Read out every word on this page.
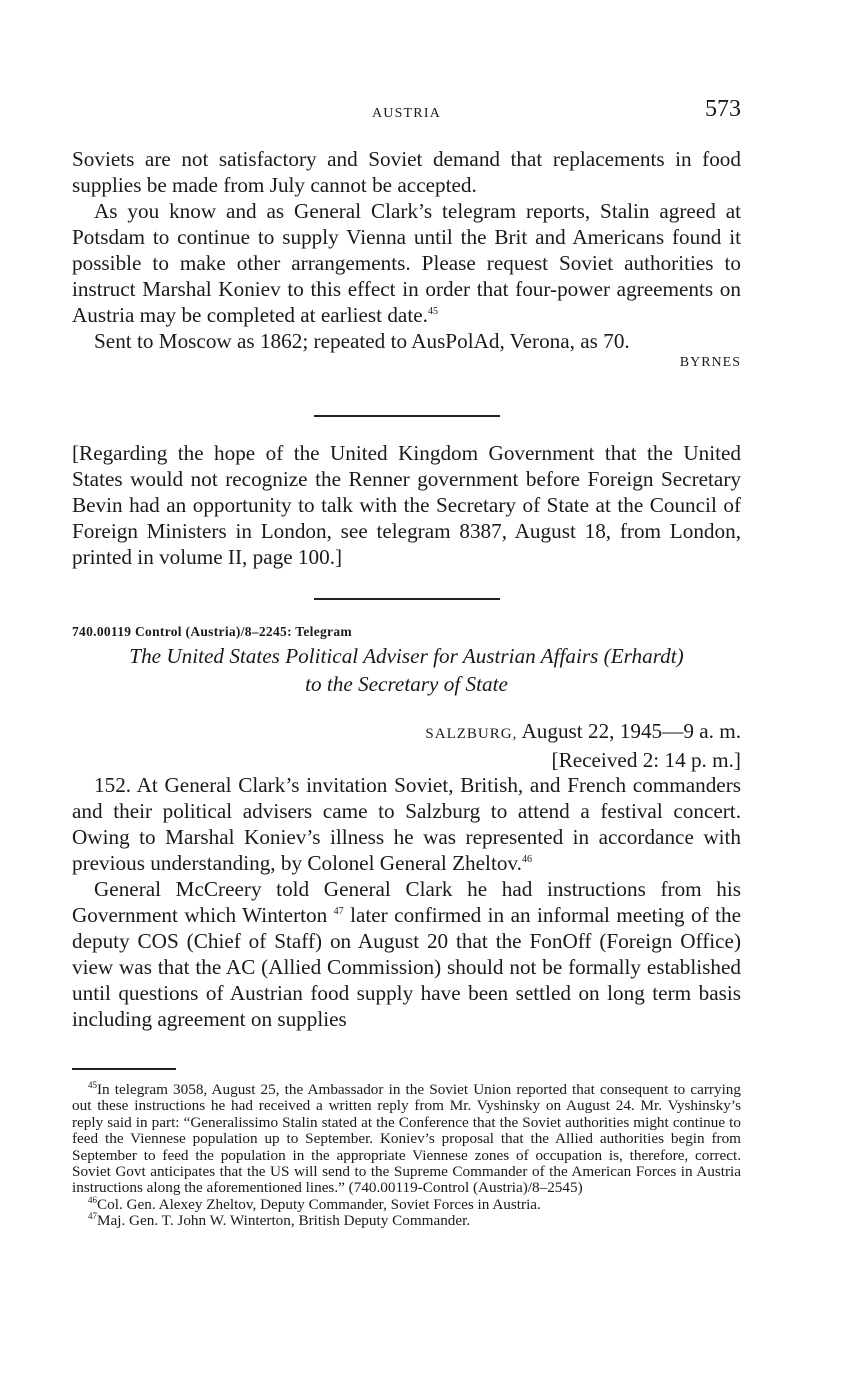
AUSTRIA	573

Soviets are not satisfactory and Soviet demand that replacements in food supplies be made from July cannot be accepted.

As you know and as General Clark’s telegram reports, Stalin agreed at Potsdam to continue to supply Vienna until the Brit and Americans found it possible to make other arrangements. Please request Soviet authorities to instruct Marshal Koniev to this effect in order that four-power agreements on Austria may be completed at earliest date.$^{45}$

Sent to Moscow as 1862; repeated to AusPolAd, Verona, as 70.

BYRNES

[Regarding the hope of the United Kingdom Government that the United States would not recognize the Renner government before Foreign Secretary Bevin had an opportunity to talk with the Secretary of State at the Council of Foreign Ministers in London, see telegram 8387, August 18, from London, printed in volume II, page 100.]

740.00119 Control (Austria)/8–2245: Telegram
The United States Political Adviser for Austrian Affairs (Erhardt)
to the Secretary of State
SALZBURG, August 22, 1945—9 a. m.
[Received 2: 14 p. m.]

152. At General Clark’s invitation Soviet, British, and French commanders and their political advisers came to Salzburg to attend a festival concert. Owing to Marshal Koniev’s illness he was represented in accordance with previous understanding, by Colonel General Zheltov.$^{46}$

General McCreery told General Clark he had instructions from his Government which Winterton $^{47}$ later confirmed in an informal meeting of the deputy COS (Chief of Staff) on August 20 that the FonOff (Foreign Office) view was that the AC (Allied Commission) should not be formally established until questions of Austrian food supply have been settled on long term basis including agreement on supplies

$^{45}$In telegram 3058, August 25, the Ambassador in the Soviet Union reported that consequent to carrying out these instructions he had received a written reply from Mr. Vyshinsky on August 24. Mr. Vyshinsky’s reply said in part: “Generalissimo Stalin stated at the Conference that the Soviet authorities might continue to feed the Viennese population up to September. Koniev’s proposal that the Allied authorities begin from September to feed the population in the appropriate Viennese zones of occupation is, therefore, correct. Soviet Govt anticipates that the US will send to the Supreme Commander of the American Forces in Austria instructions along the aforementioned lines.” (740.00119-Control (Austria)/8–2545)

$^{46}$Col. Gen. Alexey Zheltov, Deputy Commander, Soviet Forces in Austria.

$^{47}$Maj. Gen. T. John W. Winterton, British Deputy Commander.
